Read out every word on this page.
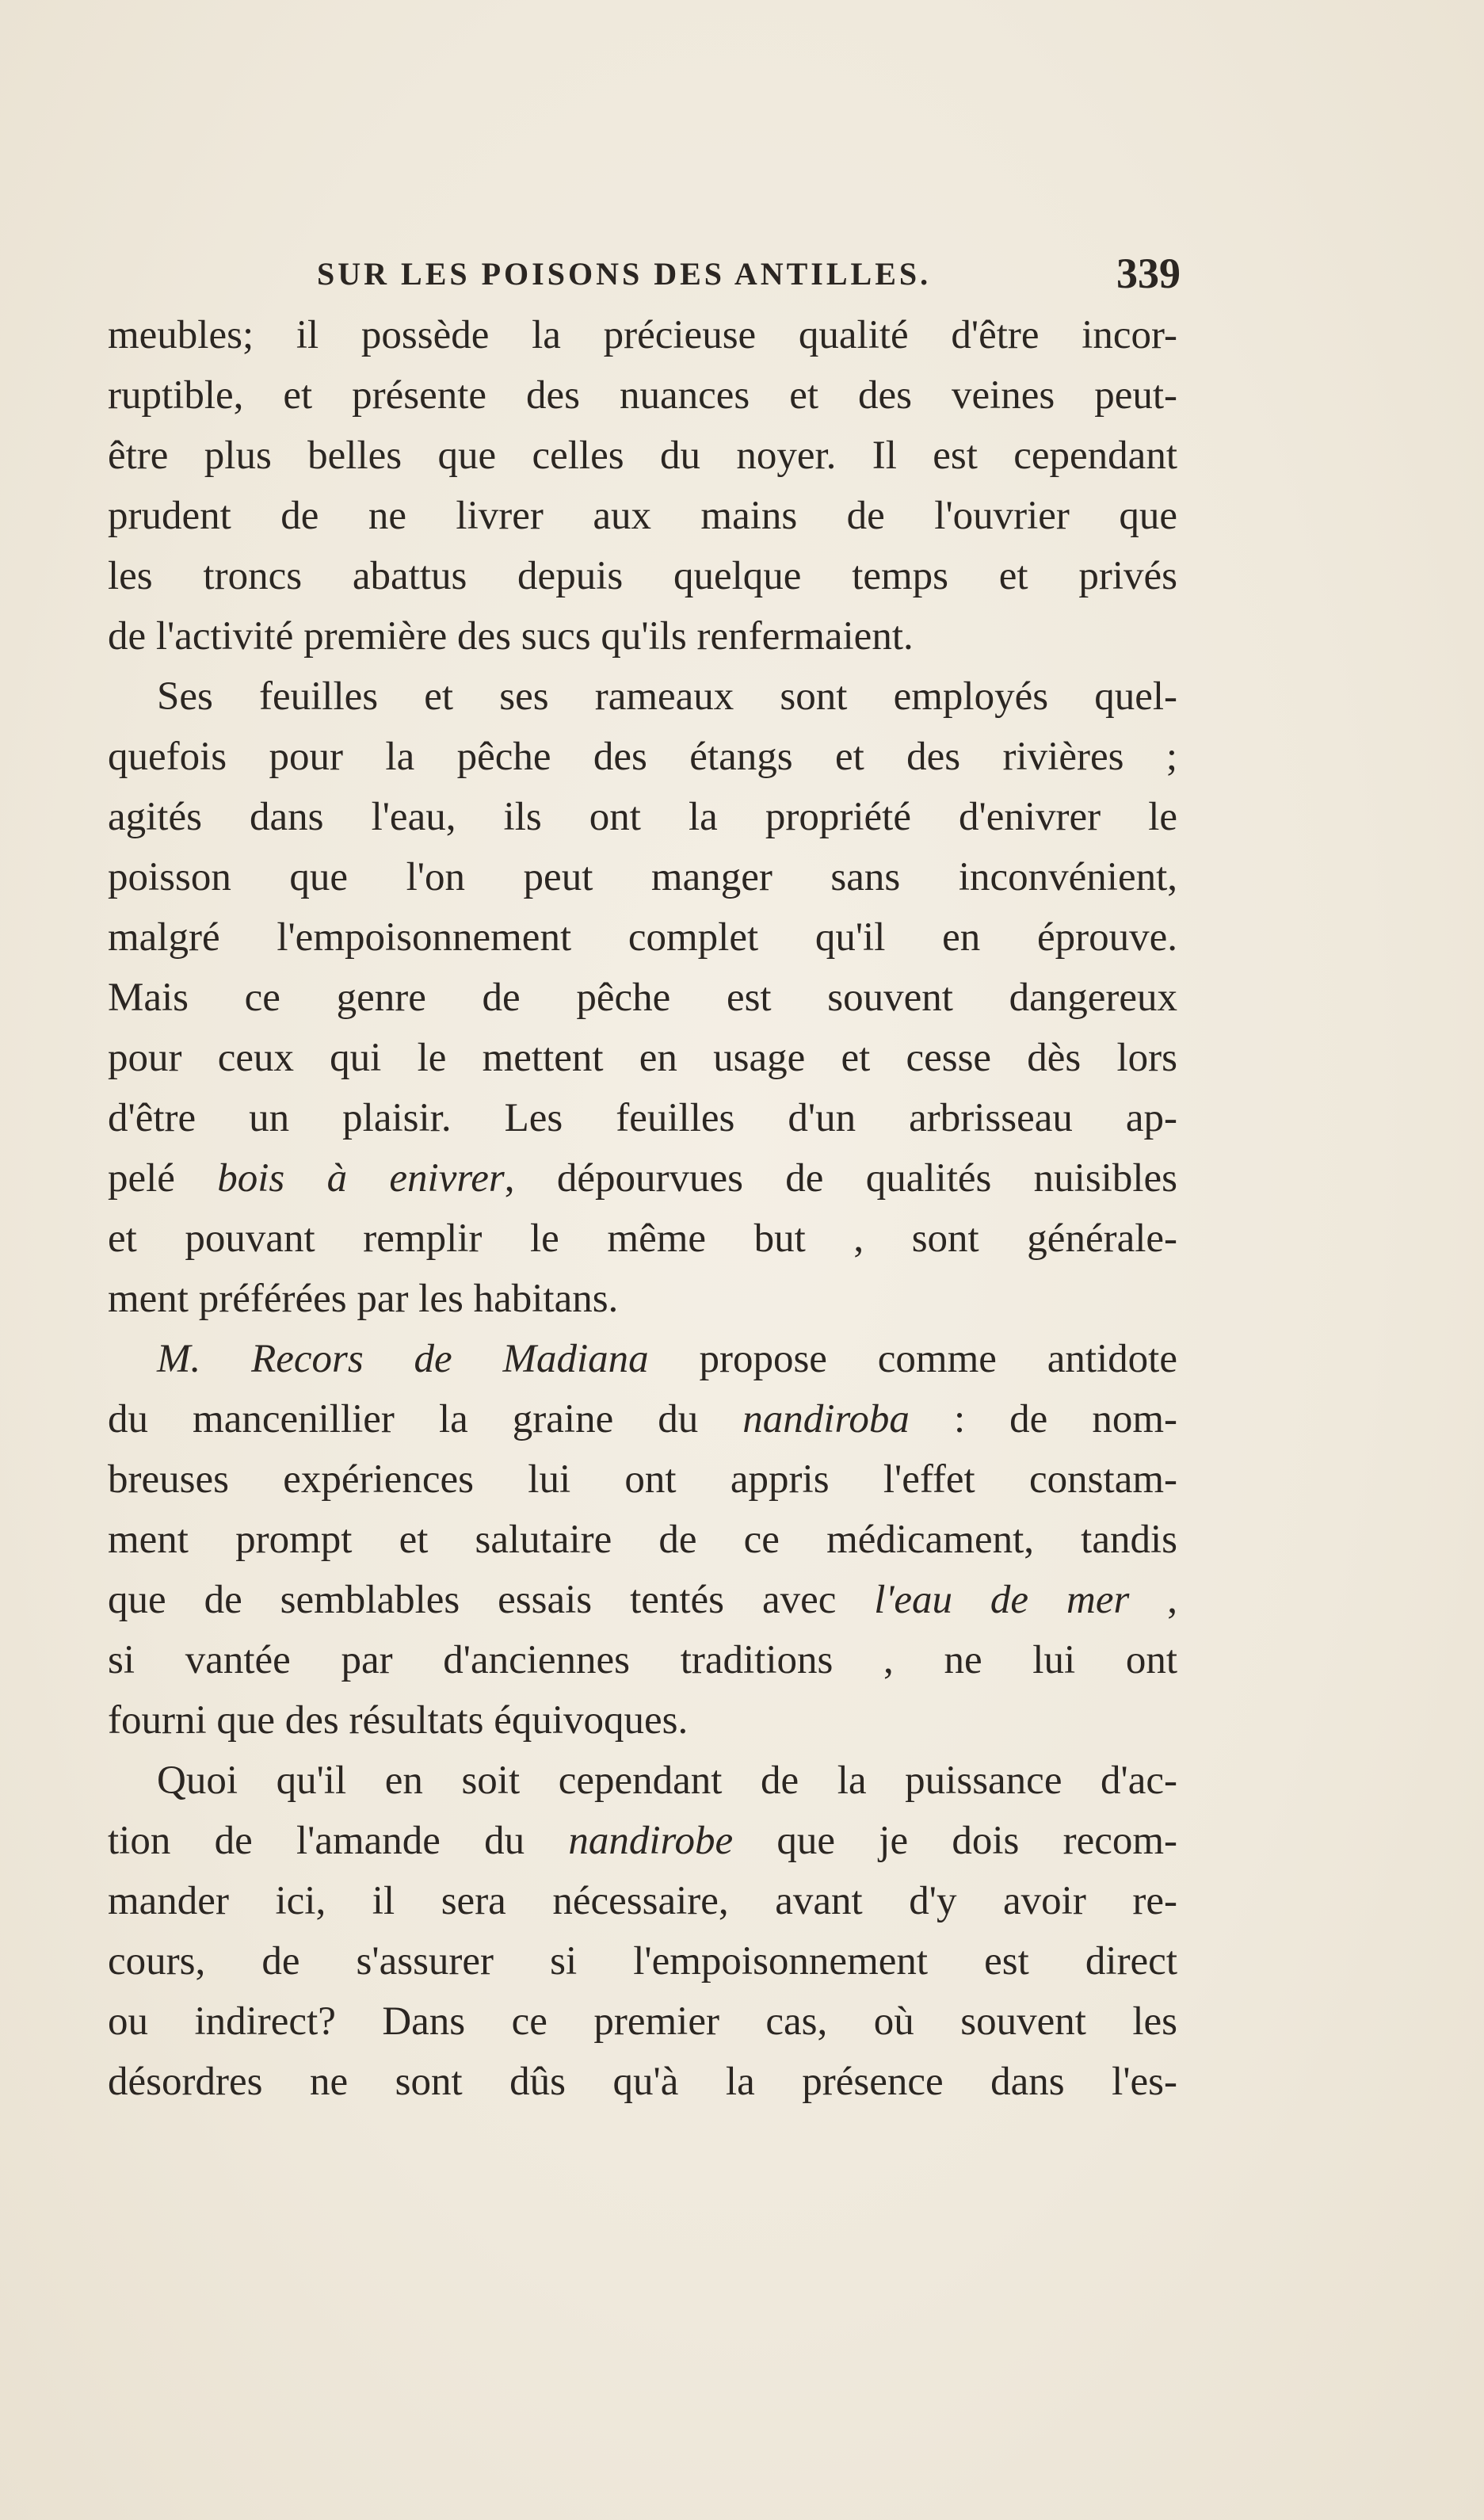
SUR LES POISONS DES ANTILLES.	339
meubles; il possède la précieuse qualité d'être incor-
ruptible, et présente des nuances et des veines peut-
être plus belles que celles du noyer. Il est cependant
prudent de ne livrer aux mains de l'ouvrier que
les troncs abattus depuis quelque temps et privés
de l'activité première des sucs qu'ils renfermaient.
Ses feuilles et ses rameaux sont employés quel-
quefois pour la pêche des étangs et des rivières ;
agités dans l'eau, ils ont la propriété d'enivrer le
poisson que l'on peut manger sans inconvénient,
malgré l'empoisonnement complet qu'il en éprouve.
Mais ce genre de pêche est souvent dangereux
pour ceux qui le mettent en usage et cesse dès lors
d'être un plaisir. Les feuilles d'un arbrisseau ap-
pelé bois à enivrer, dépourvues de qualités nuisibles
et pouvant remplir le même but , sont générale-
ment préférées par les habitans.
M. Recors de Madiana propose comme antidote
du mancenillier la graine du nandiroba : de nom-
breuses expériences lui ont appris l'effet constam-
ment prompt et salutaire de ce médicament, tandis
que de semblables essais tentés avec l'eau de mer ,
si vantée par d'anciennes traditions , ne lui ont
fourni que des résultats équivoques.
Quoi qu'il en soit cependant de la puissance d'ac-
tion de l'amande du nandirobe que je dois recom-
mander ici, il sera nécessaire, avant d'y avoir re-
cours, de s'assurer si l'empoisonnement est direct
ou indirect? Dans ce premier cas, où souvent les
désordres ne sont dûs qu'à la présence dans l'es-
